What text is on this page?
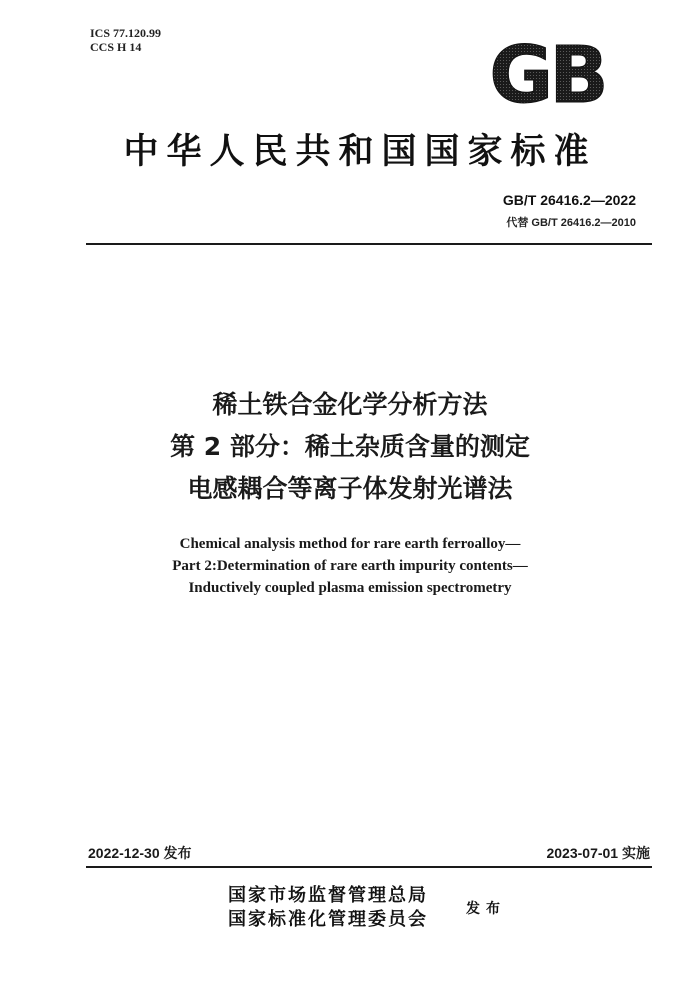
ICS 77.120.99
CCS H 14	GB
中华人民共和国国家标准
GB/T 26416.2—2022
代替 GB/T 26416.2—2010
稀土铁合金化学分析方法
第 2 部分：稀土杂质含量的测定
电感耦合等离子体发射光谱法
Chemical analysis method for rare earth ferroalloy—
Part 2:Determination of rare earth impurity contents—
Inductively coupled plasma emission spectrometry
2022-12-30 发布	2023-07-01 实施
国家市场监督管理总局
国家标准化管理委员会	发布
